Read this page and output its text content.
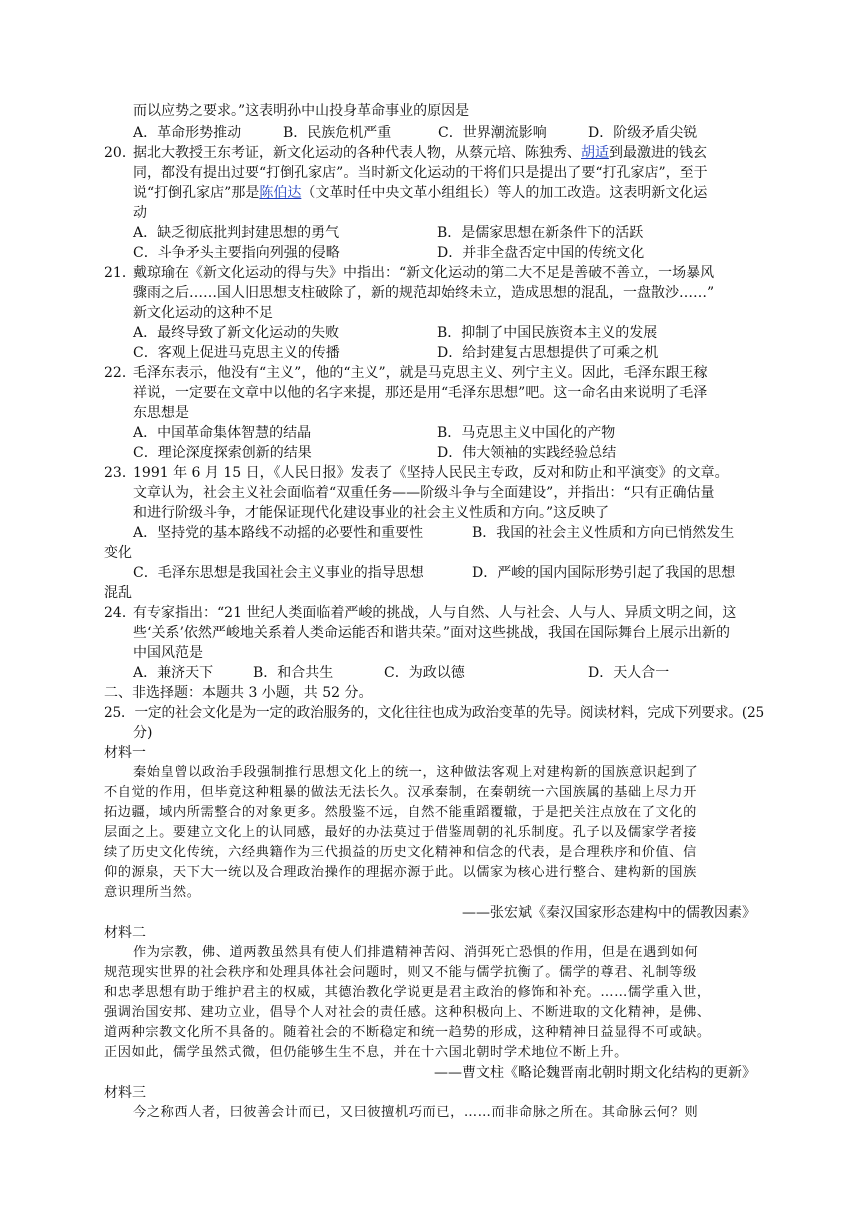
而以应势之要求。”这表明孙中山投身革命事业的原因是
A．革命形势推动	B．民族危机严重	C．世界潮流影响	D．阶级矛盾尖锐
20．
据北大教授王东考证，新文化运动的各种代表人物，从蔡元培、陈独秀、胡适到最激进的钱玄
同，都没有提出过要“打倒孔家店”。当时新文化运动的干将们只是提出了要“打孔家店”，至于
说“打倒孔家店”那是陈伯达（文革时任中央文革小组组长）等人的加工改造。这表明新文化运
动
A．缺乏彻底批判封建思想的勇气	B．是儒家思想在新条件下的活跃
C．斗争矛头主要指向列强的侵略	D．并非全盘否定中国的传统文化
21．
戴琼瑜在《新文化运动的得与失》中指出：“新文化运动的第二大不足是善破不善立，一场暴风
骤雨之后……国人旧思想支柱破除了，新的规范却始终未立，造成思想的混乱，一盘散沙……”
新文化运动的这种不足
A．最终导致了新文化运动的失败	B．抑制了中国民族资本主义的发展
C．客观上促进马克思主义的传播	D．给封建复古思想提供了可乘之机
22．
毛泽东表示，他没有“主义”，他的“主义”，就是马克思主义、列宁主义。因此，毛泽东跟王稼
祥说，一定要在文章中以他的名字来提，那还是用“毛泽东思想”吧。这一命名由来说明了毛泽
东思想是
A．中国革命集体智慧的结晶	B．马克思主义中国化的产物
C．理论深度探索创新的结果	D．伟大领袖的实践经验总结
23．
1991 年 6 月 15 日，《人民日报》发表了《坚持人民民主专政，反对和防止和平演变》的文章。
文章认为，社会主义社会面临着“双重任务——阶级斗争与全面建设”，并指出：“只有正确估量
和进行阶级斗争，才能保证现代化建设事业的社会主义性质和方向。”这反映了
A．坚持党的基本路线不动摇的必要性和重要性	B．我国的社会主义性质和方向已悄然发生
变化
C．毛泽东思想是我国社会主义事业的指导思想	D．严峻的国内国际形势引起了我国的思想
混乱
24．
有专家指出：“21 世纪人类面临着严峻的挑战，人与自然、人与社会、人与人、异质文明之间，这
些‘关系’依然严峻地关系着人类命运能否和谐共荣。”面对这些挑战，我国在国际舞台上展示出新的
中国风范是
A．兼济天下	B．和合共生	C．为政以德	D．天人合一
二、非选择题：本题共 3 小题，共 52 分。
25．一定的社会文化是为一定的政治服务的，文化往往也成为政治变革的先导。阅读材料，完成下列要求。(25
分)
材料一
秦始皇曾以政治手段强制推行思想文化上的统一，这种做法客观上对建构新的国族意识起到了
不自觉的作用，但毕竟这种粗暴的做法无法长久。汉承秦制，在秦朝统一六国族属的基础上尽力开
拓边疆，域内所需整合的对象更多。然殷鉴不远，自然不能重蹈覆辙，于是把关注点放在了文化的
层面之上。要建立文化上的认同感，最好的办法莫过于借鉴周朝的礼乐制度。孔子以及儒家学者接
续了历史文化传统，六经典籍作为三代损益的历史文化精神和信念的代表，是合理秩序和价值、信
仰的源泉，天下大一统以及合理政治操作的理据亦源于此。以儒家为核心进行整合、建构新的国族
意识理所当然。
——张宏斌《秦汉国家形态建构中的儒教因素》
材料二
作为宗教，佛、道两教虽然具有使人们排遣精神苦闷、消弭死亡恐惧的作用，但是在遇到如何
规范现实世界的社会秩序和处理具体社会问题时，则又不能与儒学抗衡了。儒学的尊君、礼制等级
和忠孝思想有助于维护君主的权威，其德治教化学说更是君主政治的修饰和补充。……儒学重入世，
强调治国安邦、建功立业，倡导个人对社会的责任感。这种积极向上、不断进取的文化精神，是佛、
道两种宗教文化所不具备的。随着社会的不断稳定和统一趋势的形成，这种精神日益显得不可或缺。
正因如此，儒学虽然式微，但仍能够生生不息，并在十六国北朝时学术地位不断上升。
——曹文柱《略论魏晋南北朝时期文化结构的更新》
材料三
今之称西人者，曰彼善会计而已，又曰彼擅机巧而已，……而非命脉之所在。其命脉云何？则
